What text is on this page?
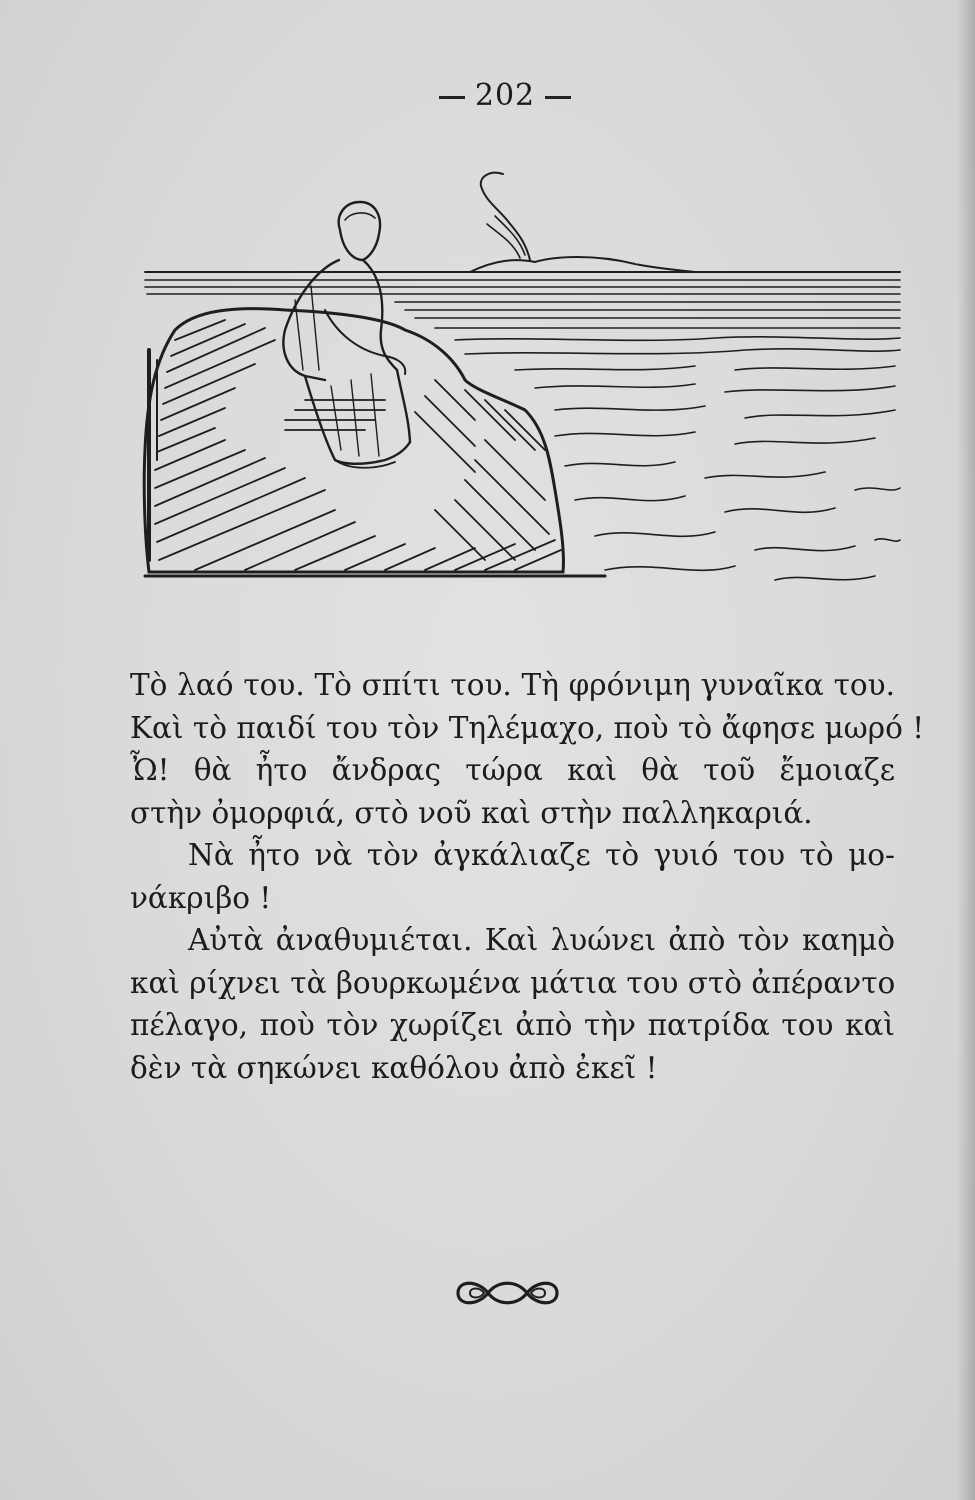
202
Τὸ λαό του. Τὸ σπίτι του. Τὴ φρόνιμη γυναῖκα του.
Καὶ τὸ παιδί του τὸν Τηλέμαχο, ποὺ τὸ ἄφησε μωρό !
Ὦ! θὰ ἦτο ἄνδρας τώρα καὶ θὰ τοῦ ἔμοιαζε
στὴν ὀμορφιά, στὸ νοῦ καὶ στὴν παλληκαριά.
Νὰ ἦτο νὰ τὸν ἀγκάλιαζε τὸ γυιό του τὸ μο-
νάκριβο !
Αὐτὰ ἀναθυμιέται. Καὶ λυώνει ἀπὸ τὸν καημὸ
καὶ ρίχνει τὰ βουρκωμένα μάτια του στὸ ἀπέραντο
πέλαγο, ποὺ τὸν χωρίζει ἀπὸ τὴν πατρίδα του καὶ
δὲν τὰ σηκώνει καθόλου ἀπὸ ἐκεῖ !
